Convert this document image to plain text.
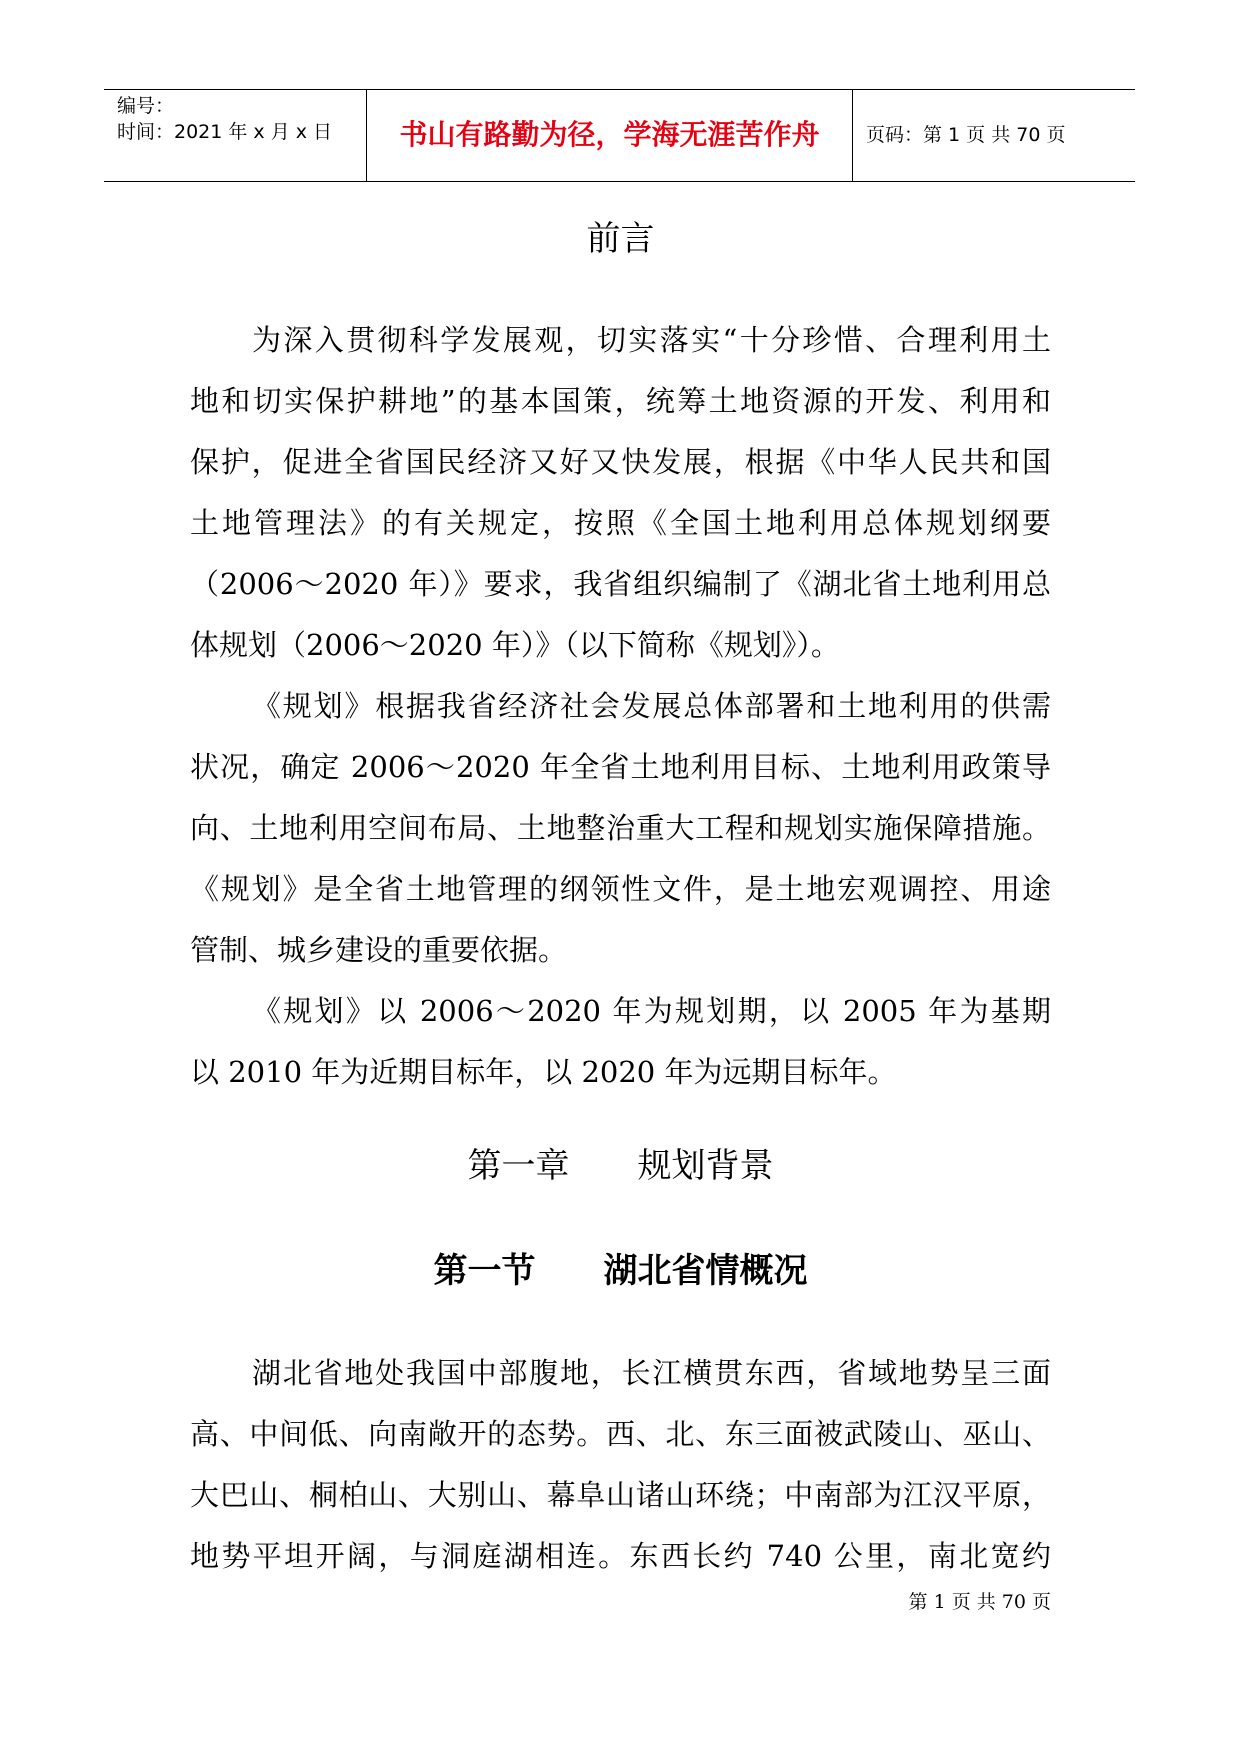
编号：
时间：2021 年 x 月 x 日	书山有路勤为径，学海无涯苦作舟	页码：第 1 页 共 70 页
前言
为深入贯彻科学发展观，切实落实“十分珍惜、合理利用土
地和切实保护耕地”的基本国策，统筹土地资源的开发、利用和
保护，促进全省国民经济又好又快发展，根据《中华人民共和国
土地管理法》的有关规定，按照《全国土地利用总体规划纲要
（2006～2020 年）》要求，我省组织编制了《湖北省土地利用总
体规划（2006～2020 年）》（以下简称《规划》）。
《规划》根据我省经济社会发展总体部署和土地利用的供需
状况，确定 2006～2020 年全省土地利用目标、土地利用政策导
向、土地利用空间布局、土地整治重大工程和规划实施保障措施。
《规划》是全省土地管理的纲领性文件，是土地宏观调控、用途
管制、城乡建设的重要依据。
《规划》以 2006～2020 年为规划期，以 2005 年为基期
以 2010 年为近期目标年，以 2020 年为远期目标年。
第一章　　规划背景
第一节　　湖北省情概况
湖北省地处我国中部腹地，长江横贯东西，省域地势呈三面
高、中间低、向南敞开的态势。西、北、东三面被武陵山、巫山、
大巴山、桐柏山、大别山、幕阜山诸山环绕；中南部为江汉平原，
地势平坦开阔，与洞庭湖相连。东西长约 740 公里，南北宽约
第 1 页 共 70 页
